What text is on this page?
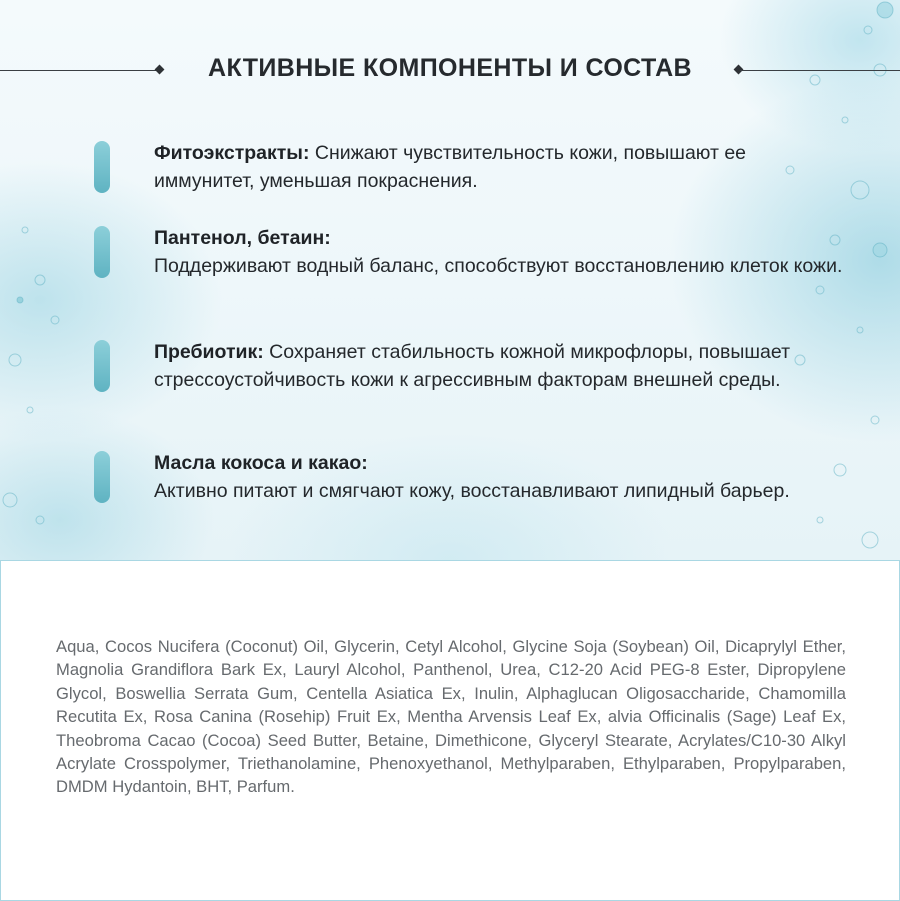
АКТИВНЫЕ КОМПОНЕНТЫ И СОСТАВ
Фитоэкстракты: Снижают чувствительность кожи, повышают ее иммунитет, уменьшая покраснения.
Пантенол, бетаин:
Поддерживают водный баланс, способствуют восстановлению клеток кожи.
Пребиотик: Сохраняет стабильность кожной микрофлоры, повышает стрессоустойчивость кожи к агрессивным факторам внешней среды.
Масла кокоса и какао:
Активно питают и смягчают кожу, восстанавливают липидный барьер.

Aqua, Cocos Nucifera (Coconut) Oil, Glycerin, Cetyl Alcohol, Glycine Soja (Soybean) Oil, Dicaprylyl Ether, Magnolia Grandiflora Bark Ex, Lauryl Alcohol, Panthenol, Urea, C12-20 Acid PEG-8 Ester, Dipropylene Glycol, Boswellia Serrata Gum, Centella Asiatica Ex, Inulin, Alphaglucan Oligosaccharide, Chamomilla Recutita Ex, Rosa Canina (Rosehip) Fruit Ex, Mentha Arvensis Leaf Ex, alvia Officinalis (Sage) Leaf Ex, Theobroma Cacao (Cocoa) Seed Butter, Betaine, Dimethicone, Glyceryl Stearate, Acrylates/C10-30 Alkyl Acrylate Crosspolymer, Triethanolamine, Phenoxyethanol, Methylparaben, Ethylparaben, Propylparaben, DMDM Hydantoin, BHT, Parfum.
